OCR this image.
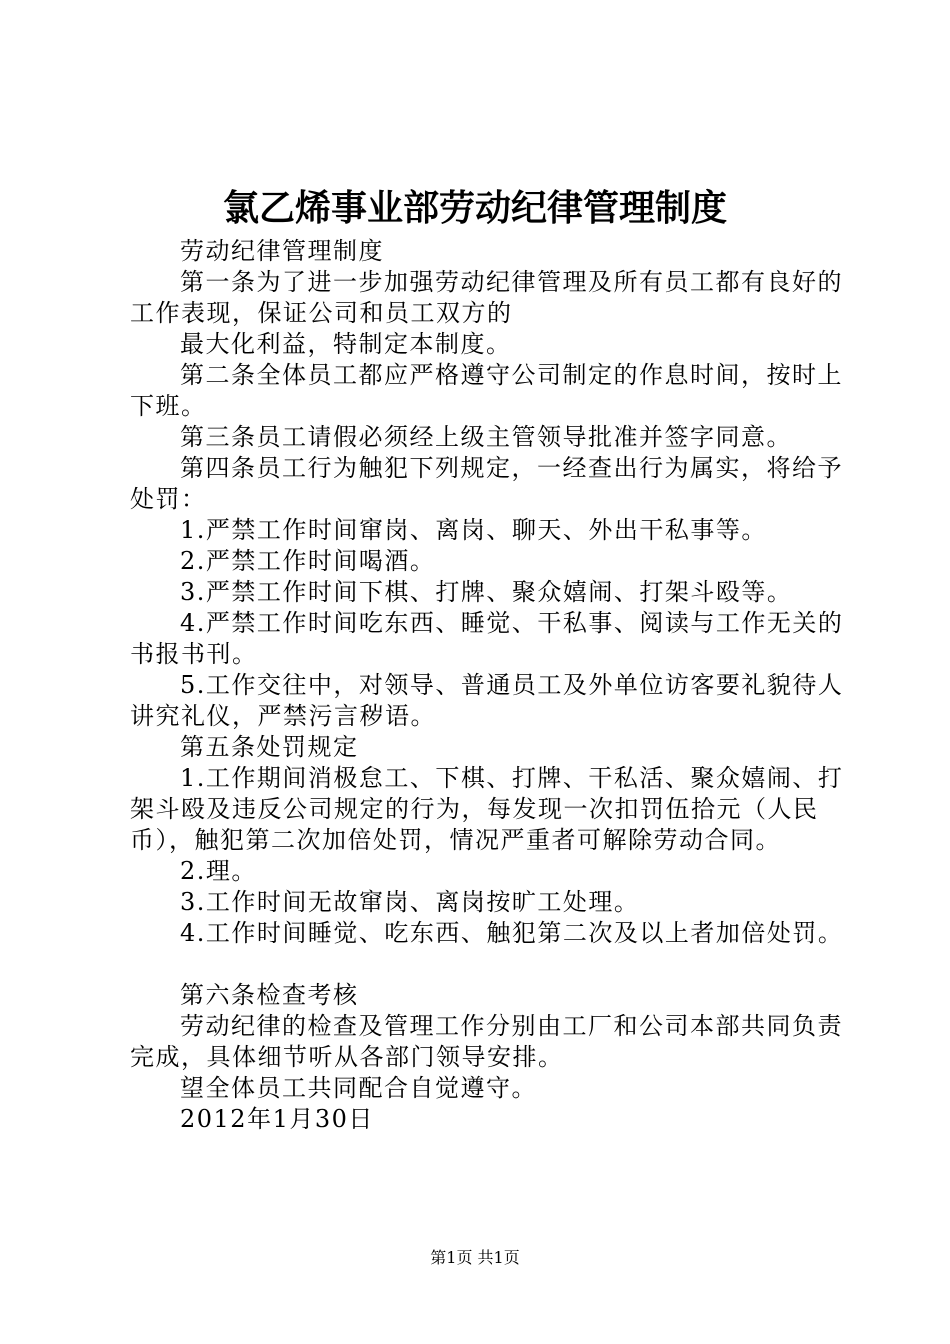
氯乙烯事业部劳动纪律管理制度

劳动纪律管理制度

第一条为了进一步加强劳动纪律管理及所有员工都有良好的工作表现，保证公司和员工双方的

最大化利益，特制定本制度。

第二条全体员工都应严格遵守公司制定的作息时间，按时上下班。

第三条员工请假必须经上级主管领导批准并签字同意。

第四条员工行为触犯下列规定，一经查出行为属实，将给予处罚：

1.严禁工作时间窜岗、离岗、聊天、外出干私事等。

2.严禁工作时间喝酒。

3.严禁工作时间下棋、打牌、聚众嬉闹、打架斗殴等。

4.严禁工作时间吃东西、睡觉、干私事、阅读与工作无关的书报书刊。

5.工作交往中，对领导、普通员工及外单位访客要礼貌待人讲究礼仪，严禁污言秽语。

第五条处罚规定

1.工作期间消极怠工、下棋、打牌、干私活、聚众嬉闹、打架斗殴及违反公司规定的行为，每发现一次扣罚伍拾元（人民币），触犯第二次加倍处罚，情况严重者可解除劳动合同。

2.理。

3.工作时间无故窜岗、离岗按旷工处理。

4.工作时间睡觉、吃东西、触犯第二次及以上者加倍处罚。

第六条检查考核

劳动纪律的检查及管理工作分别由工厂和公司本部共同负责完成，具体细节听从各部门领导安排。

望全体员工共同配合自觉遵守。

2012年1月30日

第1页 共1页
